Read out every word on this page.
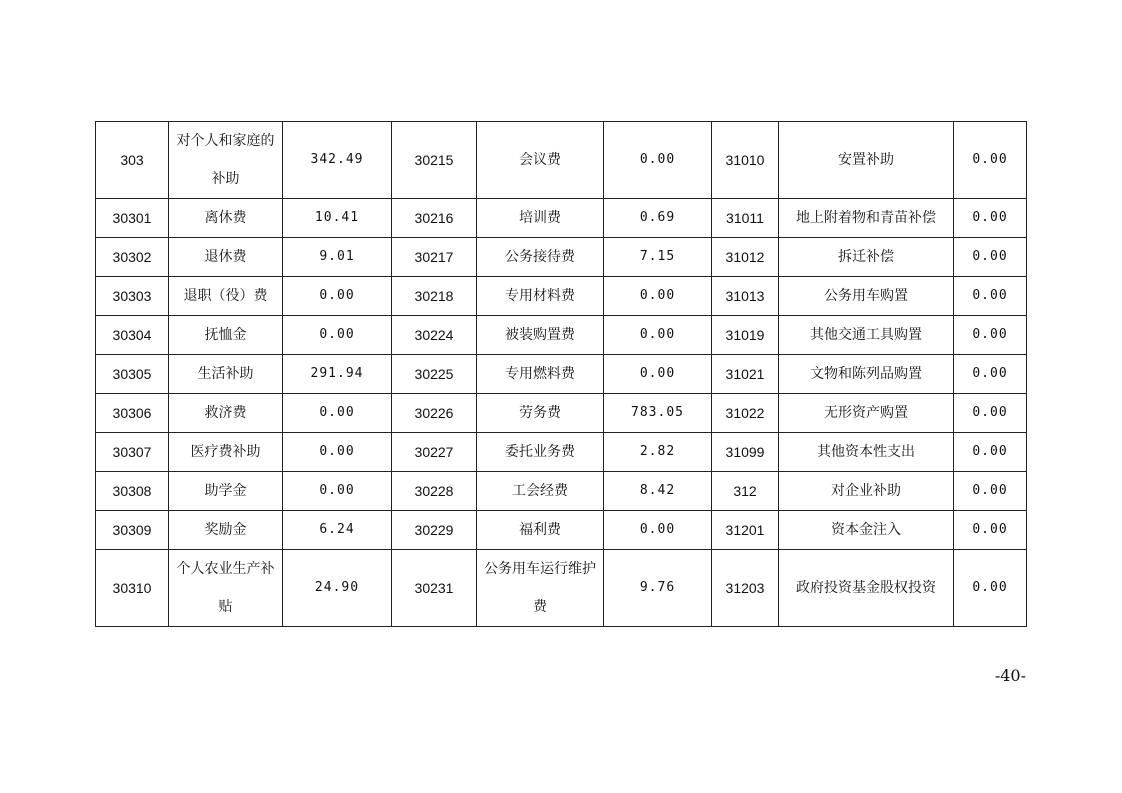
303	对个人和家庭的补助	342.49	30215	会议费	0.00	31010	安置补助	0.00
30301	离休费	10.41	30216	培训费	0.69	31011	地上附着物和青苗补偿	0.00
30302	退休费	9.01	30217	公务接待费	7.15	31012	拆迁补偿	0.00
30303	退职（役）费	0.00	30218	专用材料费	0.00	31013	公务用车购置	0.00
30304	抚恤金	0.00	30224	被装购置费	0.00	31019	其他交通工具购置	0.00
30305	生活补助	291.94	30225	专用燃料费	0.00	31021	文物和陈列品购置	0.00
30306	救济费	0.00	30226	劳务费	783.05	31022	无形资产购置	0.00
30307	医疗费补助	0.00	30227	委托业务费	2.82	31099	其他资本性支出	0.00
30308	助学金	0.00	30228	工会经费	8.42	312	对企业补助	0.00
30309	奖励金	6.24	30229	福利费	0.00	31201	资本金注入	0.00
30310	个人农业生产补贴	24.90	30231	公务用车运行维护费	9.76	31203	政府投资基金股权投资	0.00
-40-
